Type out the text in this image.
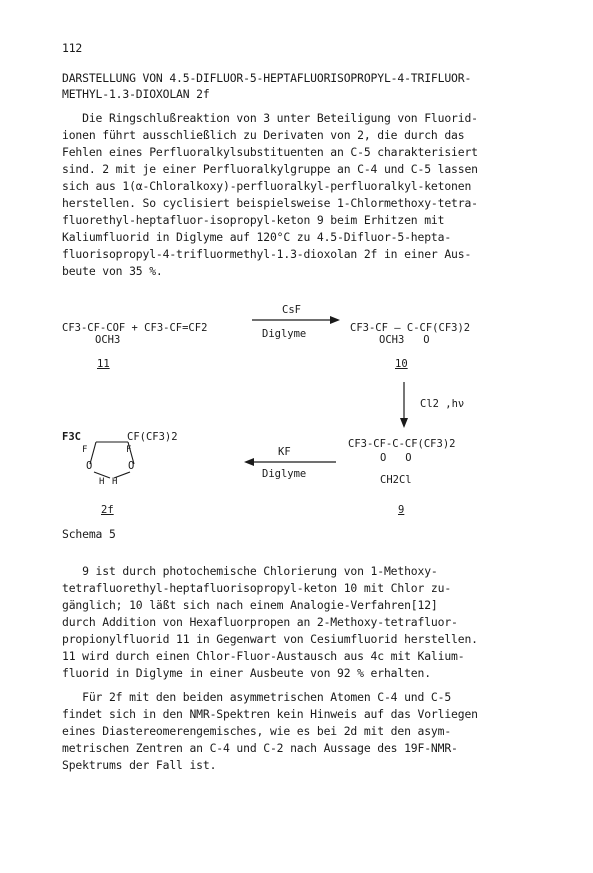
112
DARSTELLUNG VON 4.5-DIFLUOR-5-HEPTAFLUORISOPROPYL-4-TRIFLUOR-
METHYL-1.3-DIOXOLAN 2f
Die Ringschlußreaktion von 3 unter Beteiligung von Fluorid-
ionen führt ausschließlich zu Derivaten von 2, die durch das
Fehlen eines Perfluoralkylsubstituenten an C-5 charakterisiert
sind. 2 mit je einer Perfluoralkylgruppe an C-4 und C-5 lassen
sich aus 1(α-Chloralkoxy)-perfluoralkyl-perfluoralkyl-ketonen
herstellen. So cyclisiert beispielsweise 1-Chlormethoxy-tetra-
fluorethyl-heptafluor-isopropyl-keton 9 beim Erhitzen mit
Kaliumfluorid in Diglyme auf 120°C zu 4.5-Difluor-5-hepta-
fluorisopropyl-4-trifluormethyl-1.3-dioxolan 2f in einer Aus-
beute von 35 %.
CF3-CF-COF + CF3-CF=CF2
OCH3
11
CsF
Diglyme	CF3-CF — C-CF(CF3)2
OCH3   O
10
Cl2 ,hν
CF3-CF-C-CF(CF3)2
O   O
CH2Cl
9
KF
Diglyme
F3C	CF(CF3)2
F	F
O	O
H H
2f
Schema 5
9 ist durch photochemische Chlorierung von 1-Methoxy-
tetrafluorethyl-heptafluorisopropyl-keton 10 mit Chlor zu-
gänglich; 10 läßt sich nach einem Analogie-Verfahren[12]
durch Addition von Hexafluorpropen an 2-Methoxy-tetrafluor-
propionylfluorid 11 in Gegenwart von Cesiumfluorid herstellen.
11 wird durch einen Chlor-Fluor-Austausch aus 4c mit Kalium-
fluorid in Diglyme in einer Ausbeute von 92 % erhalten.
Für 2f mit den beiden asymmetrischen Atomen C-4 und C-5
findet sich in den NMR-Spektren kein Hinweis auf das Vorliegen
eines Diastereomerengemisches, wie es bei 2d mit den asym-
metrischen Zentren an C-4 und C-2 nach Aussage des 19F-NMR-
Spektrums der Fall ist.
